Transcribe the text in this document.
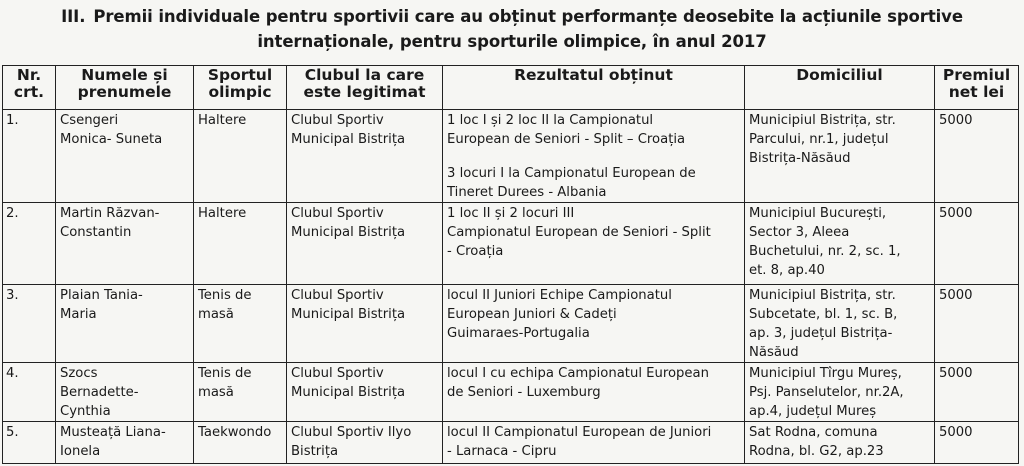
III. Premii individuale pentru sportivii care au obținut performanțe deosebite la acțiunile sportive
internaționale, pentru sporturile olimpice, în anul 2017
Nr.
crt.	Numele și
prenumele	Sportul
olimpic	Clubul la care
este legitimat	Rezultatul obținut	Domiciliul	Premiul
net lei

1.	Csengeri
Monica- Suneta	Haltere	Clubul Sportiv
Municipal Bistrița	1 loc I și 2 loc II la Campionatul
European de Seniori - Split – Croația
3 locuri I la Campionatul European de
Tineret Durees - Albania	Municipiul Bistrița, str.
Parcului, nr.1, județul
Bistrița-Năsăud	5000
2.	Martin Răzvan-
Constantin	Haltere	Clubul Sportiv
Municipal Bistrița	1 loc II și 2 locuri III
Campionatul European de Seniori - Split
- Croația	Municipiul București,
Sector 3, Aleea
Buchetului, nr. 2, sc. 1,
et. 8, ap.40	5000
3.	Plaian Tania-
Maria	Tenis de
masă	Clubul Sportiv
Municipal Bistrița	locul II Juniori Echipe Campionatul
European Juniori & Cadeți
Guimaraes-Portugalia	Municipiul Bistrița, str.
Subcetate, bl. 1, sc. B,
ap. 3, județul Bistrița-
Năsăud	5000
4.	Szocs
Bernadette-
Cynthia	Tenis de
masă	Clubul Sportiv
Municipal Bistrița	locul I cu echipa Campionatul European
de Seniori - Luxemburg	Municipiul Tîrgu Mureș,
Psj. Panselutelor, nr.2A,
ap.4, județul Mureș	5000
5.	Musteață Liana-
Ionela	Taekwondo	Clubul Sportiv Ilyo
Bistrița	locul II Campionatul European de Juniori
- Larnaca - Cipru	Sat Rodna, comuna
Rodna, bl. G2, ap.23	5000
